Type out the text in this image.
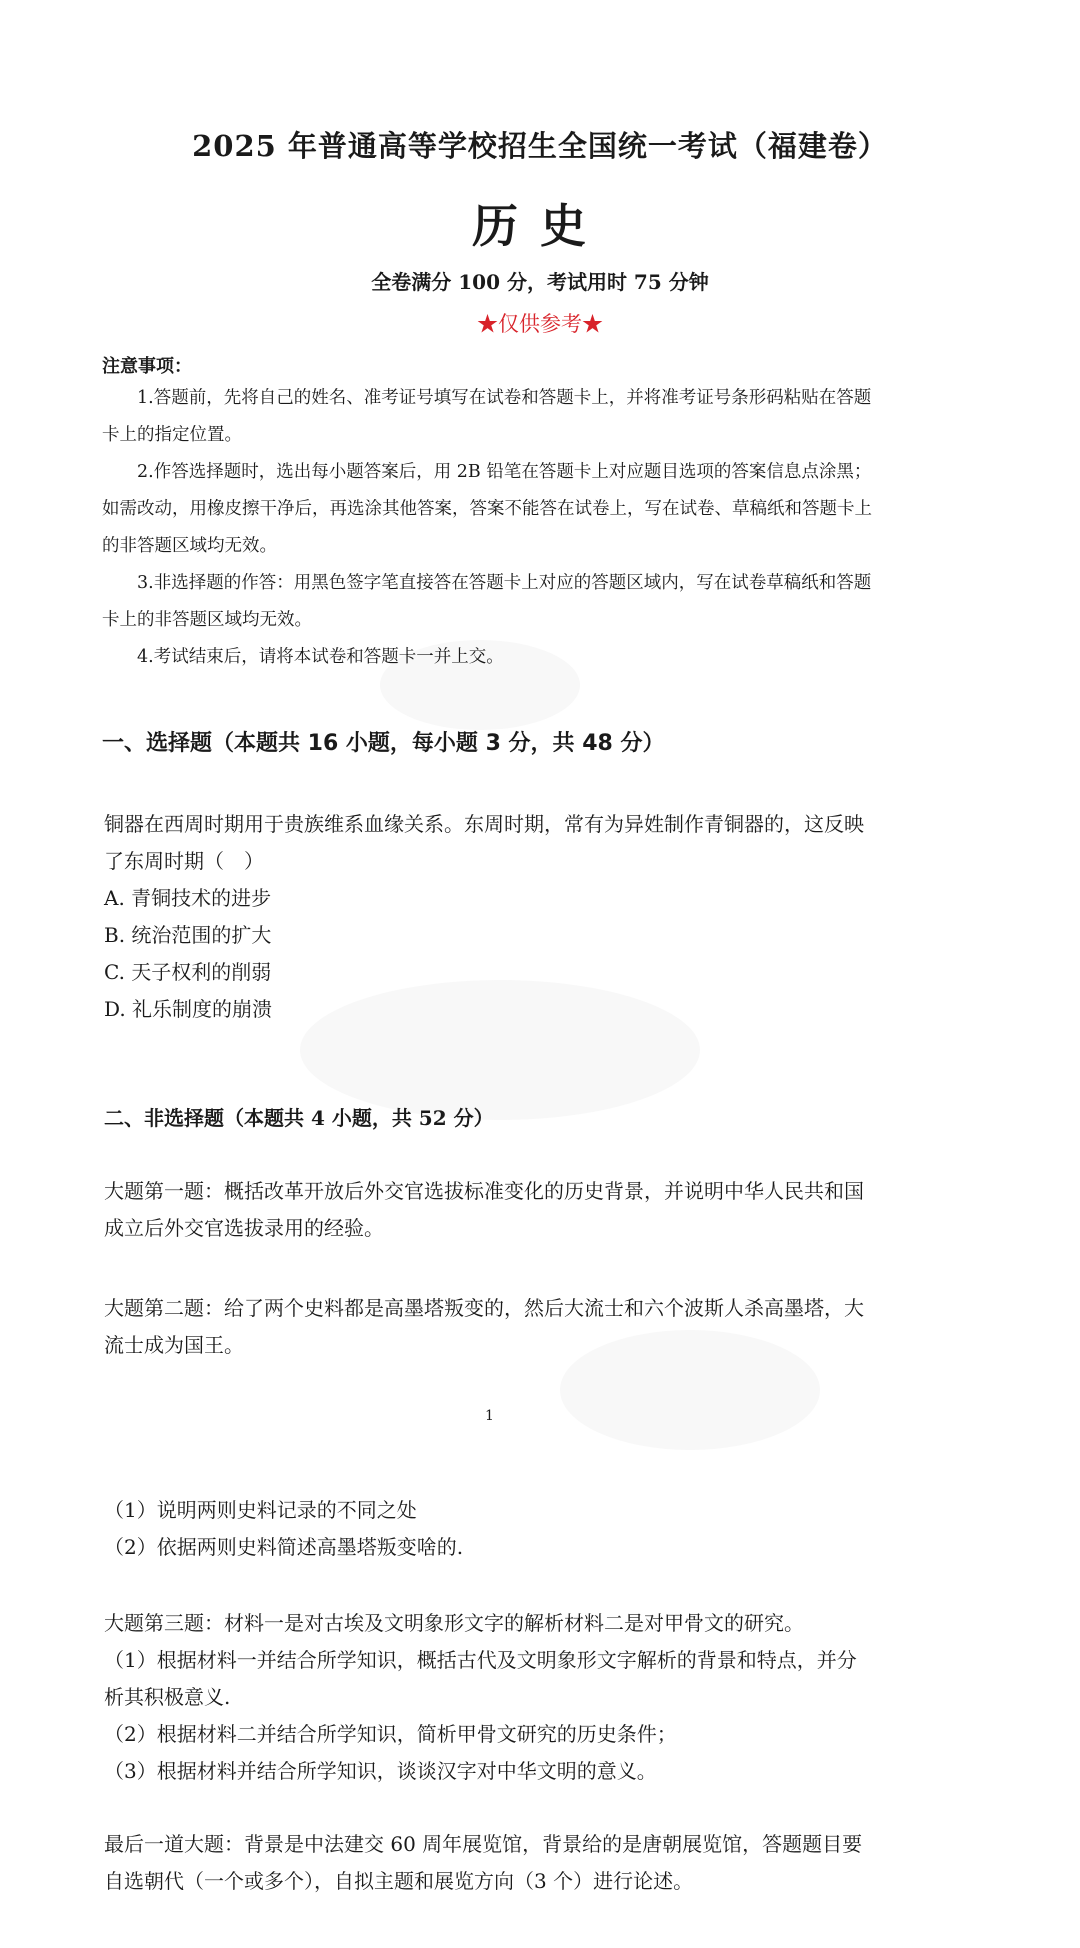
2025 年普通高等学校招生全国统一考试（福建卷）
历史
全卷满分 100 分，考试用时 75 分钟
★仅供参考★
注意事项：
1.答题前，先将自己的姓名、准考证号填写在试卷和答题卡上，并将准考证号条形码粘贴在答题卡上的指定位置。
2.作答选择题时，选出每小题答案后，用 2B 铅笔在答题卡上对应题目选项的答案信息点涂黑；如需改动，用橡皮擦干净后，再选涂其他答案，答案不能答在试卷上，写在试卷、草稿纸和答题卡上的非答题区域均无效。
3.非选择题的作答：用黑色签字笔直接答在答题卡上对应的答题区域内，写在试卷草稿纸和答题卡上的非答题区域均无效。
4.考试结束后，请将本试卷和答题卡一并上交。
一、选择题（本题共 16 小题，每小题 3 分，共 48 分）
铜器在西周时期用于贵族维系血缘关系。东周时期，常有为异姓制作青铜器的，这反映了东周时期（　）
A. 青铜技术的进步
B. 统治范围的扩大
C. 天子权利的削弱
D. 礼乐制度的崩溃
二、非选择题（本题共 4 小题，共 52 分）
大题第一题：概括改革开放后外交官选拔标准变化的历史背景，并说明中华人民共和国成立后外交官选拔录用的经验。
大题第二题：给了两个史料都是高墨塔叛变的，然后大流士和六个波斯人杀高墨塔，大流士成为国王。
1
（1）说明两则史料记录的不同之处
（2）依据两则史料简述高墨塔叛变啥的.
大题第三题：材料一是对古埃及文明象形文字的解析材料二是对甲骨文的研究。
（1）根据材料一并结合所学知识，概括古代及文明象形文字解析的背景和特点，并分析其积极意义.
（2）根据材料二并结合所学知识，简析甲骨文研究的历史条件；
（3）根据材料并结合所学知识，谈谈汉字对中华文明的意义。
最后一道大题：背景是中法建交 60 周年展览馆，背景给的是唐朝展览馆，答题题目要自选朝代（一个或多个），自拟主题和展览方向（3 个）进行论述。
